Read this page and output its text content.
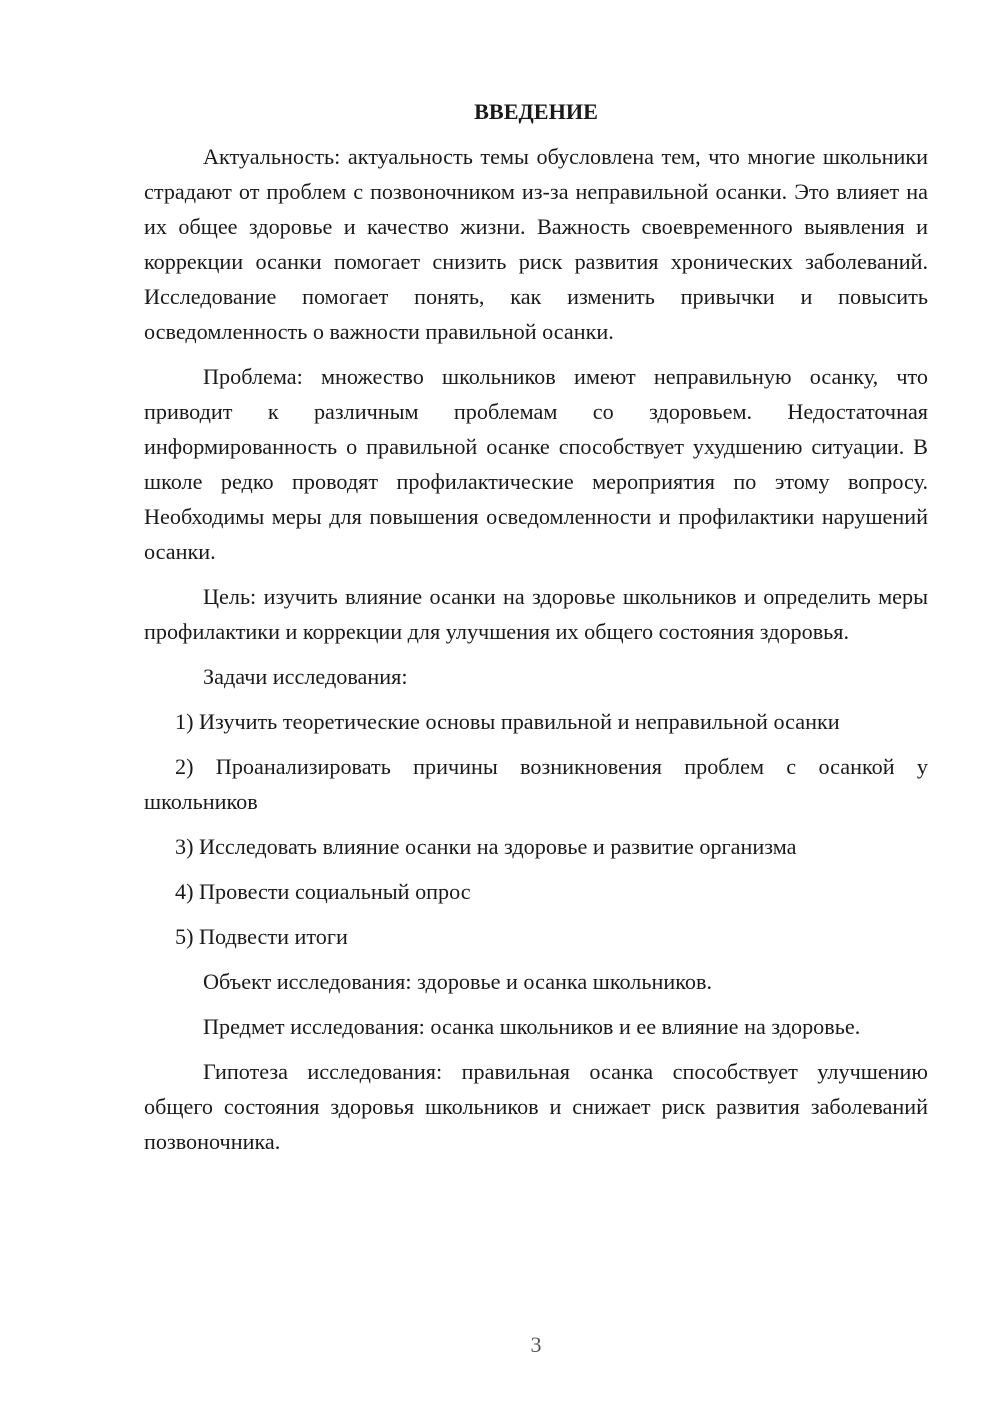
ВВЕДЕНИЕ

Актуальность: актуальность темы обусловлена тем, что многие школьники страдают от проблем с позвоночником из-за неправильной осанки. Это влияет на их общее здоровье и качество жизни. Важность своевременного выявления и коррекции осанки помогает снизить риск развития хронических заболеваний. Исследование помогает понять, как изменить привычки и повысить осведомленность о важности правильной осанки.

Проблема: множество школьников имеют неправильную осанку, что приводит к различным проблемам со здоровьем. Недостаточная информированность о правильной осанке способствует ухудшению ситуации. В школе редко проводят профилактические мероприятия по этому вопросу. Необходимы меры для повышения осведомленности и профилактики нарушений осанки.

Цель: изучить влияние осанки на здоровье школьников и определить меры профилактики и коррекции для улучшения их общего состояния здоровья.

Задачи исследования:

1) Изучить теоретические основы правильной и неправильной осанки

2) Проанализировать причины возникновения проблем с осанкой у школьников

3) Исследовать влияние осанки на здоровье и развитие организма

4) Провести социальный опрос

5) Подвести итоги

Объект исследования: здоровье и осанка школьников.

Предмет исследования: осанка школьников и ее влияние на здоровье.

Гипотеза исследования: правильная осанка способствует улучшению общего состояния здоровья школьников и снижает риск развития заболеваний позвоночника.

3
